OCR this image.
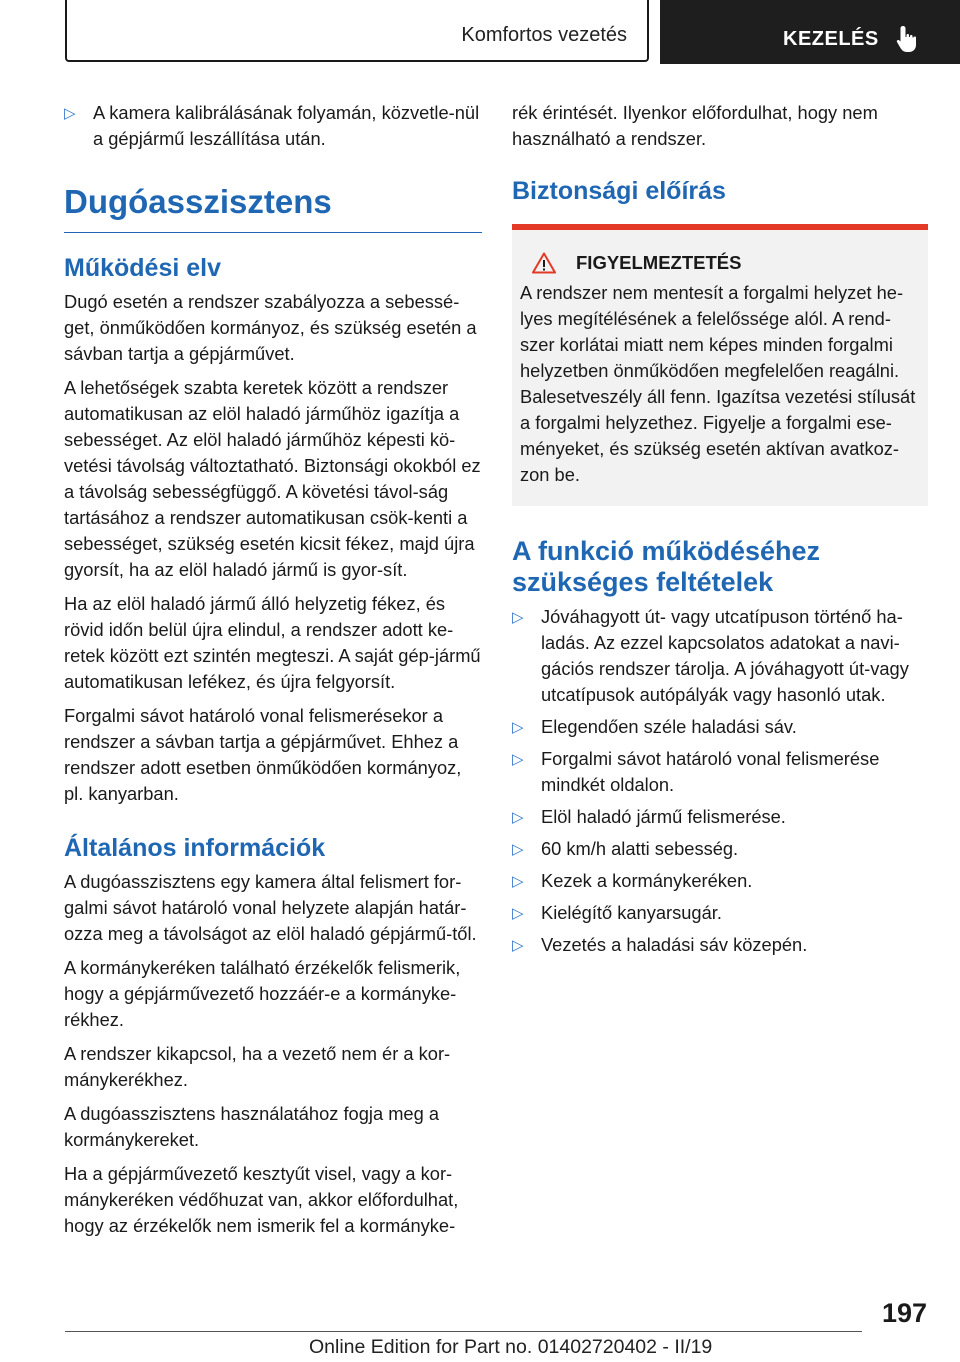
Komfortos vezetés	KEZELÉS
▷ A kamera kalibrálásának folyamán, közvetle-nül a gépjármű leszállítása után.
Dugóasszisztens
Működési elv

Dugó esetén a rendszer szabályozza a sebessé-get, önműködően kormányoz, és szükség esetén a sávban tartja a gépjárművet.

A lehetőségek szabta keretek között a rendszer automatikusan az elöl haladó járműhöz igazítja a sebességet. Az elöl haladó járműhöz képesti kö-vetési távolság változtatható. Biztonsági okokból ez a távolság sebességfüggő. A követési távol-ság tartásához a rendszer automatikusan csök-kenti a sebességet, szükség esetén kicsit fékez, majd újra gyorsít, ha az elöl haladó jármű is gyor-sít.

Ha az elöl haladó jármű álló helyzetig fékez, és rövid időn belül újra elindul, a rendszer adott ke-retek között ezt szintén megteszi. A saját gép-jármű automatikusan lefékez, és újra felgyorsít.

Forgalmi sávot határoló vonal felismerésekor a rendszer a sávban tartja a gépjárművet. Ehhez a rendszer adott esetben önműködően kormányoz, pl. kanyarban.

Általános információk

A dugóasszisztens egy kamera által felismert for-galmi sávot határoló vonal helyzete alapján határ-ozza meg a távolságot az elöl haladó gépjármű-től.

A kormánykeréken található érzékelők felismerik, hogy a gépjárművezető hozzáér-e a kormányke-rékhez.

A rendszer kikapcsol, ha a vezető nem ér a kor-mánykerékhez.

A dugóasszisztens használatához fogja meg a kormánykereket.

Ha a gépjárművezető kesztyűt visel, vagy a kor-mánykeréken védőhuzat van, akkor előfordulhat, hogy az érzékelők nem ismerik fel a kormányke-

rék érintését. Ilyenkor előfordulhat, hogy nem használható a rendszer.

Biztonsági előírás
FIGYELMEZTETÉS
A rendszer nem mentesít a forgalmi helyzet he-lyes megítélésének a felelőssége alól. A rend-szer korlátai miatt nem képes minden forgalmi helyzetben önműködően megfelelően reagálni. Balesetveszély áll fenn. Igazítsa vezetési stílusát a forgalmi helyzethez. Figyelje a forgalmi ese-ményeket, és szükség esetén aktívan avatkoz-zon be.
A funkció működéséhez szükséges feltételek
▷ Jóváhagyott út- vagy utcatípuson történő ha-ladás. Az ezzel kapcsolatos adatokat a navi-gációs rendszer tárolja. A jóváhagyott út-vagy utcatípusok autópályák vagy hasonló utak.
▷ Elegendően széle haladási sáv.
▷ Forgalmi sávot határoló vonal felismerése mindkét oldalon.
▷ Elöl haladó jármű felismerése.
▷ 60 km/h alatti sebesség.
▷ Kezek a kormánykeréken.
▷ Kielégítő kanyarsugár.
▷ Vezetés a haladási sáv közepén.
197
Online Edition for Part no. 01402720402 - II/19
